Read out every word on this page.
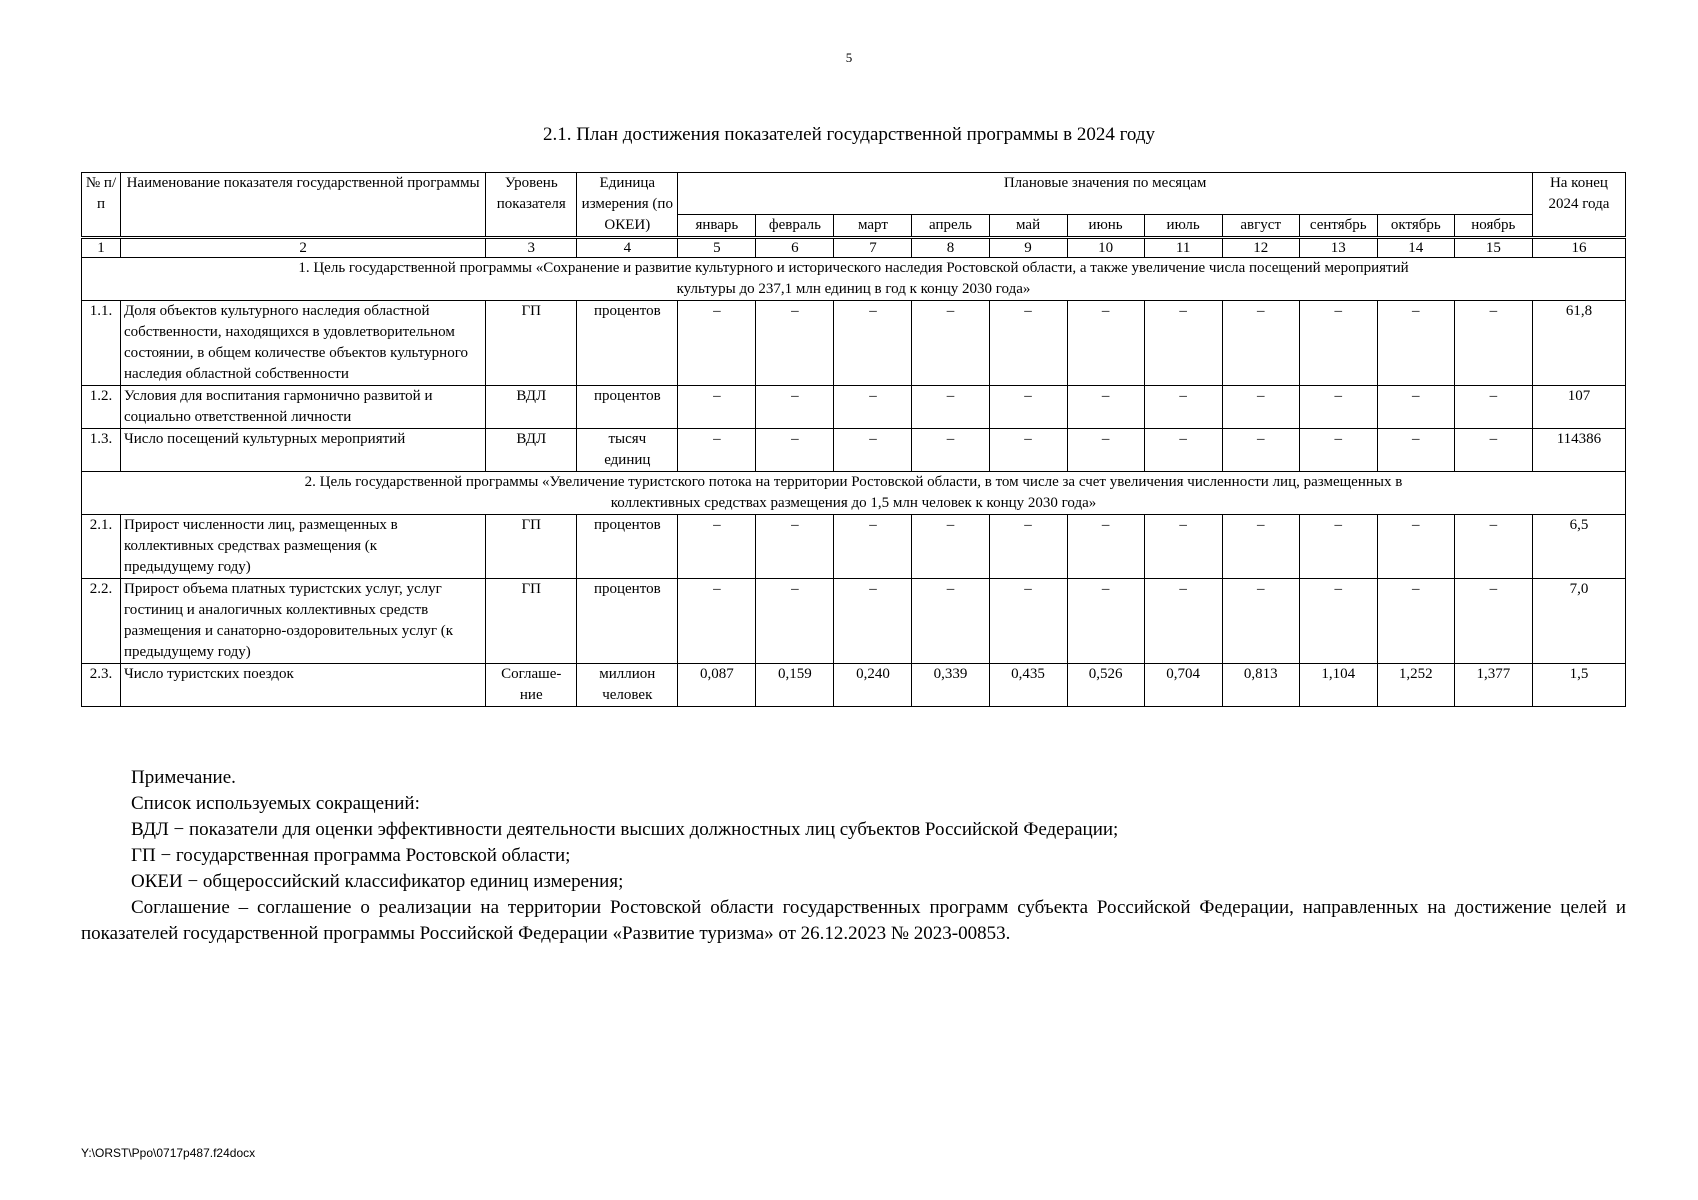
5
2.1. План достижения показателей государственной программы в 2024 году
№ п/п	Наименование показателя государственной программы	Уровень показателя	Единица измерения (по ОКЕИ)	Плановые значения по месяцам											На конец 2024 года
				январь	февраль	март	апрель	май	июнь	июль	август	сентябрь	октябрь	ноябрь	
1	2	3	4	5	6	7	8	9	10	11	12	13	14	15	16
1. Цель государственной программы «Сохранение и развитие культурного и исторического наследия Ростовской области, а также увеличение числа посещений мероприятий культуры до 237,1 млн единиц в год к концу 2030 года»															
1.1.	Доля объектов культурного наследия областной собственности, находящихся в удовлетворительном состоянии, в общем количестве объектов культурного наследия областной собственности	ГП	процентов	–	–	–	–	–	–	–	–	–	–	–	61,8
1.2.	Условия для воспитания гармонично развитой и социально ответственной личности	ВДЛ	процентов	–	–	–	–	–	–	–	–	–	–	–	107
1.3.	Число посещений культурных мероприятий	ВДЛ	тысяч единиц	–	–	–	–	–	–	–	–	–	–	–	114386
2. Цель государственной программы «Увеличение туристского потока на территории Ростовской области, в том числе за счет увеличения численности лиц, размещенных в коллективных средствах размещения до 1,5 млн человек к концу 2030 года»															
2.1.	Прирост численности лиц, размещенных в коллективных средствах размещения (к предыдущему году)	ГП	процентов	–	–	–	–	–	–	–	–	–	–	–	6,5
2.2.	Прирост объема платных туристских услуг, услуг гостиниц и аналогичных коллективных средств размещения и санаторно-оздоровительных услуг (к предыдущему году)	ГП	процентов	–	–	–	–	–	–	–	–	–	–	–	7,0
2.3.	Число туристских поездок	Соглаше-ние	миллион человек	0,087	0,159	0,240	0,339	0,435	0,526	0,704	0,813	1,104	1,252	1,377	1,5

Примечание.

Список используемых сокращений:

ВДЛ − показатели для оценки эффективности деятельности высших должностных лиц субъектов Российской Федерации;

ГП − государственная программа Ростовской области;

ОКЕИ − общероссийский классификатор единиц измерения;

Соглашение – соглашение о реализации на территории Ростовской области государственных программ субъекта Российской Федерации, направленных на достижение целей и показателей государственной программы Российской Федерации «Развитие туризма» от 26.12.2023 № 2023-00853.

Y:\ORST\Ppo\0717p487.f24docx
